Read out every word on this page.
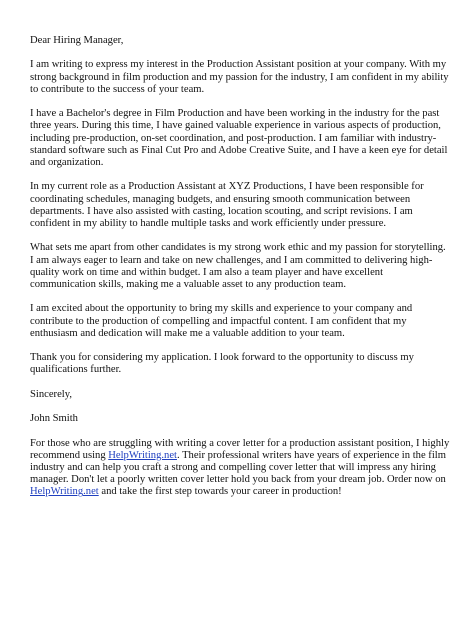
Dear Hiring Manager,

I am writing to express my interest in the Production Assistant position at your company. With my strong background in film production and my passion for the industry, I am confident in my ability to contribute to the success of your team.

I have a Bachelor's degree in Film Production and have been working in the industry for the past three years. During this time, I have gained valuable experience in various aspects of production, including pre-production, on-set coordination, and post-production. I am familiar with industry-standard software such as Final Cut Pro and Adobe Creative Suite, and I have a keen eye for detail and organization.

In my current role as a Production Assistant at XYZ Productions, I have been responsible for coordinating schedules, managing budgets, and ensuring smooth communication between departments. I have also assisted with casting, location scouting, and script revisions. I am confident in my ability to handle multiple tasks and work efficiently under pressure.

What sets me apart from other candidates is my strong work ethic and my passion for storytelling. I am always eager to learn and take on new challenges, and I am committed to delivering high-quality work on time and within budget. I am also a team player and have excellent communication skills, making me a valuable asset to any production team.

I am excited about the opportunity to bring my skills and experience to your company and contribute to the production of compelling and impactful content. I am confident that my enthusiasm and dedication will make me a valuable addition to your team.

Thank you for considering my application. I look forward to the opportunity to discuss my qualifications further.

Sincerely,

John Smith

For those who are struggling with writing a cover letter for a production assistant position, I highly recommend using HelpWriting.net. Their professional writers have years of experience in the film industry and can help you craft a strong and compelling cover letter that will impress any hiring manager. Don't let a poorly written cover letter hold you back from your dream job. Order now on HelpWriting.net and take the first step towards your career in production!
